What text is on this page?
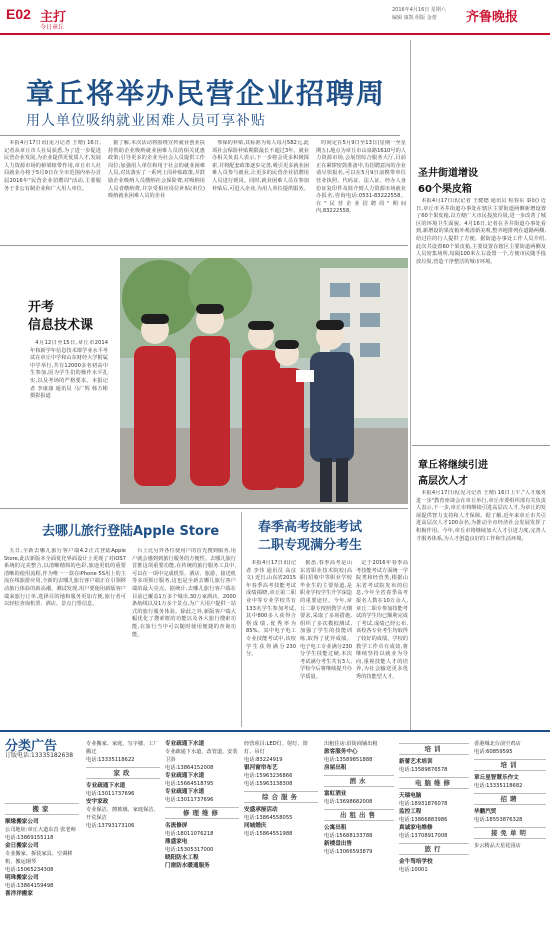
E02 主打
今日章丘
2016年4月16日 星期六
编辑 康凯 组版 金蕾	齐鲁晚报
章丘将举办民营企业招聘周
用人单位吸纳就业困难人员可享补贴

本报4月17日讯(见习记者 王晴) 16日,记者从章丘市人社局获悉,为了进一步促进民营企业发展,为企业提供更优质人才,发展人力资源市场的桥梁纽带作用,章丘市人社局就业办将于5月9日在全市范围内举办首届2016年"民营企业招聘周"活动,主要服务于非公有制企业和广大用人单位。

据了解,本次活动将围绕宣传就业创业扶持帮助企业吸纳就业困难人员的相关优惠政策;引导更多的企业为社会人员提供工作岗位;加强用人单位和用于社会的就业困难人员,对其落实了一系列上岗补贴政策,并鼓励企业吸纳人员缴纳社会保险费,对吸纳用人员者缴纳费,并享受相应岗位补贴(单位)吸纳就业困难人员的企业

参保的补贴,其标准为每人每月582元,此项社会保险补贴期限最长不超过3年。就业办相关负责人表示,下一步将会更多积极探索,并将配套政策逐步完善,吸引更多就业困难人员参与就业,让更多的民营企业招聘用人员进行到岗。同时,就业困难人员在参加补贴后,可进入企业,为用人单位提供服务。

时间定在5月9日至13日(星期一至星期五),地点为章丘市山泉路1610号的人力资源市场,会展馆综合服务大厅,目前正在紧锣密鼓准备中,有招聘意向的企业请尽快报名,可以在5月9日前携带单位营业执照、代码证、法人证、经办人身份证复印件及简介到人力资源市场就业办报名,咨询电话:0531-83222558。在"民营企业招聘周"期间内,83222558。

开考
信息技术课

4月12日至15日,章丘市2014年和新学年信息技术课学业水平考试在章丘中学和山东财经大学附属中学举行,共有12000多名初高中生参加,因为学生们的操作水平扎实,以及考场的严格要求。本报记者 李康康 通讯员 马广辉 韩方彬 摄影报道

去哪儿旅行登陆Apple Store

五日,全新去哪儿旅行客户端4.2正式登陆Apple Store,此次新版本全面优化界面设计上更现了对iOS7系统的完美整合,以清晰精简的色彩,旅途更低的重要清晰的使用流程,作为唯一一款在iPhone 5S用上的主流在线旅游应用,全新的去哪儿旅行客户端正在引领移动旅行体验的新高潮。测试发现,用户要使用新版客户端来旅行订单,选择目的地和服务更加方便,旅行者可以轻松查询机票、酒店、景点门票信息。

台上比另外各位使用户的首先搜到服务,用户就会感到到旅行服务的方便性。去哪儿旅行首推这项重要功能,在传统的旅行服务工具中,可以在一项中完成机票、酒店、旅游、接送机等多项预订服务,这也是全新去哪儿旅行客户端的最大亮点。据统计,去哪儿旅行客户端在目前已覆盖1万多个城市,30万家酒店、2000条航线以及1万多个景点,为广大用户提供一站式的旅行服务体验。除此之外,新版客户端大幅优化了搜索框的功能以及各大旅行搜索功能,在旅行当中可以随时使用便捷的查询功能。

春季高考技能考试
二职专现满分考生

本报4月17日讯(记者 李伟 通讯员 高彦文) 近日,山东省2015年春季高考技能考试成绩揭晓,章丘第二职业中等专业学校共有133名学生参加考试,其中800多人获得合格成绩,优秀率为85%。其中电子电工专业技能考试中,该校学生获得满分230分。

据悉,春季高考是山东省职业技术院校(高职)招收中等职业学校毕业生的主要渠道,是职业学校学生升学深造的重要途径。今年,章丘二职专按照教学大纲要求,采取了多项措施,组织了多次模拟测试,加强了学生的技能训练,取得了优异成绩。电子电工专业满分230分学生技能过硬,本次考试满分考生共有3人,学校今后将继续提升办学质量。

定于2016年春季高考技能考试方面统一学院类和经营类,根据山东省考试院发布的信息,今年全省春季高考报名人数在10万余人,章丘二职专参加技能考试的学生均已顺利完成了考试,成绩已经公布,该校各专业考生均取得了较好的成绩。学校的教学工作卓有成效,将继续坚持以就业为导向,重视技能人才的培养,为社会输送更多优秀的技能型人才。

圣井街道增设
60个果皮箱

本报4月17日讯(记者 王健德 通讯员 程春东 秦珉) 近日,章丘市圣井街道办事处在辖区主要街道两侧新增设置了60个果皮箱,以方便广大市民投放垃圾,进一步改善了城区的环境卫生面貌。4月16日,记者在圣井街道办事处看到,新增设的果皮箱外观清新美观,整齐地排列在道路两侧,给过往的行人提供了方便。据街道办事处工作人员介绍,此次共设置60个果皮箱,主要设置在辖区主要街道两侧及人员密集场所,每隔100米左右设置一个,方便市民随手投放垃圾,营造干净整洁的城市环境。

章丘将继续引进
高层次人才

本报4月17日讯(见习记者 王晴) 16日上午,"人才服务进一步"教育座谈会在章丘举行,章丘市委组织部有关负责人表示,下一步,章丘市将继续引进高层次人才,为章丘的发展提供智力支持和人才保障。据了解,近年来章丘市共引进高层次人才100余名,为推动全市经济社会发展发挥了积极作用。今年,章丘市将继续加大人才引进力度,完善人才服务体系,为人才创造良好的工作和生活环境。

分类广告
订版电话:13335182638
搬家
顺缘搬家公司
公司地址:章丘大道东首 张老师
电话:13869155118
金日搬家公司
专业搬家、拆装家具、空调移机、搬运钢琴
电话:15065234308
明珠搬家公司
电话:13864159498
喜洋洋搬家
专业搬家、家庭、写字楼、工厂搬迁
电话:13335118622
家政
专业疏通下水道
电话:13011737696
安宇家政
专业保洁、擦玻璃、家庭保洁、开荒保洁
电话:13793173106
专业疏通下水道
专业疏通下水道、改管道、安装卫浴
电话:13864152008
专业疏通下水道
电话:15664518795
专业疏通下水道
电话:13011737696
修理维修
名流修屏
电话:18011076218
鼎盛家电
电话:15305317000
晓阳防水工程
门窗防水暖通服务
经营项目:LED灯、射灯、筒灯、吊灯
电话:83224919
银河窗帘布艺
电话:15963236866
电话:15963138308
综合服务
安盛承接活动
电话:13864558055
同城婚庆
电话:15864551988
出租住房:沿街商铺出租
旅客服务中心
电话:13589851888
房屋出租
酒水
富虹酒业
电话:13698682008
出租出售
公寓出租
电话:15688133788
新楼盘出售
电话:13066593879
培训
新蕾艺术培训
电话:13589876578
电脑维修
天瑞电脑
电话:18931876078
监控工程
电话:13866883986
真诚家电维修
电话:13708917008
旅行
金牛驾培学校
电话:10001
香港城北台前空鸡店
电话:60859595
培训
章丘星智慧乐作文
电话:13335118682
招聘
华鹏汽贸
电话:18553876328
接免单明
步云精品天星花园店
